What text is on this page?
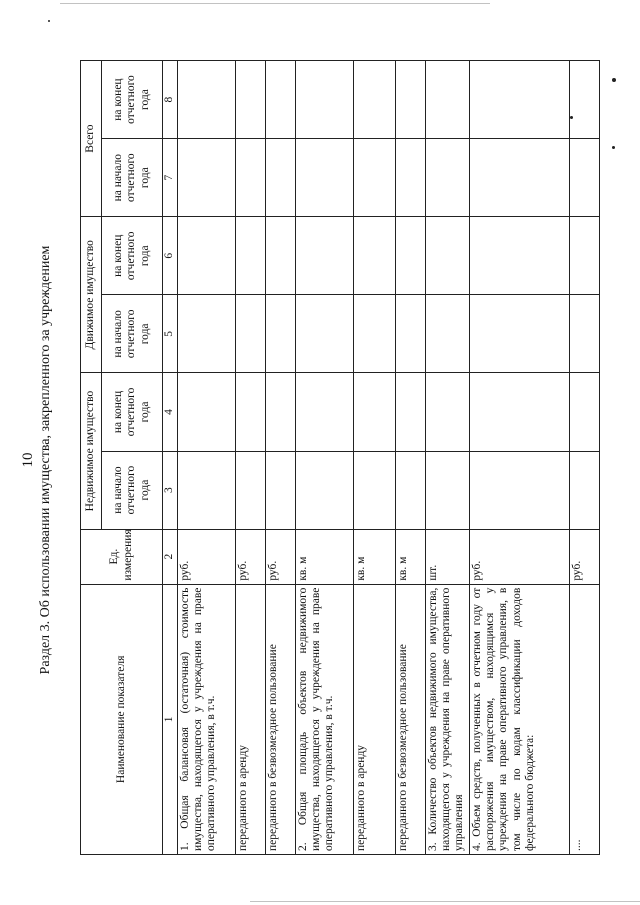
10 Раздел 3. Об использовании имущества, закрепленного за учреждением
Наименование показателя	Ед. измерения	Недвижимое имущество		Движимое имущество		Всего	
		на начало отчетного года	на конец отчетного года	на начало отчетного года	на конец отчетного года	на начало отчетного года	на конец отчетного года
1	2	3	4	5	6	7	8
1. Общая балансовая (остаточная) стоимость имущества, находящегося у учреждения на праве оперативного управления, в т.ч.	руб.						
переданного в аренду	руб.						
переданного в безвозмездное пользование	руб.						
2. Общая площадь объектов недвижимого имущества, находящегося у учреждения на праве оперативного управления, в т.ч.	кв. м						
переданного в аренду	кв. м						
переданного в безвозмездное пользование	кв. м						
3. Количество объектов недвижимого имущества, находящегося у учреждения на праве оперативного управления	шт.						
4. Объем средств, полученных в отчетном году от распоряжения имуществом, находящимся у учреждения на праве оперативного управления, в том числе по кодам классификации доходов федерального бюджета:	руб.						
....	руб.						
